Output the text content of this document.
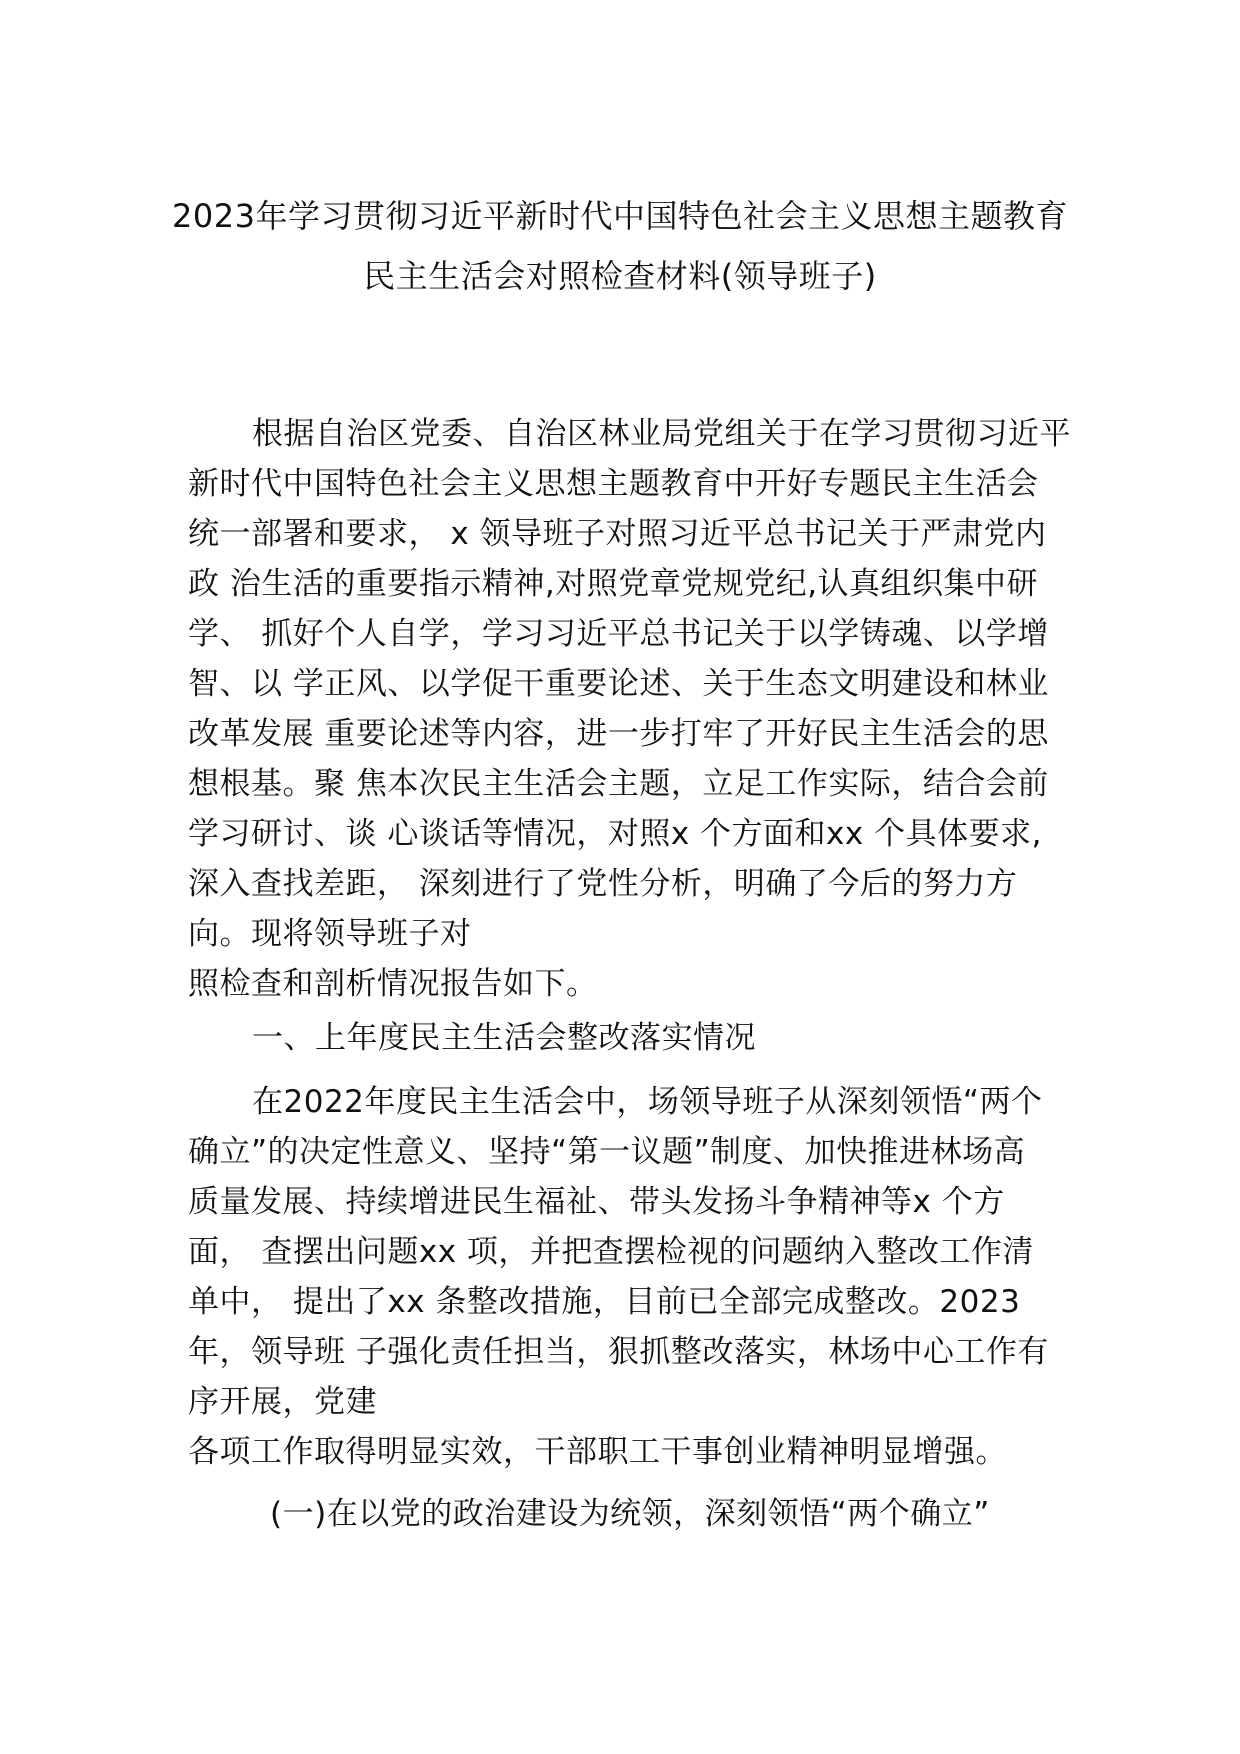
2023年学习贯彻习近平新时代中国特色社会主义思想主题教育
民主生活会对照检查材料(领导班子)
根据自治区党委、自治区林业局党组关于在学习贯彻习近平
新时代中国特色社会主义思想主题教育中开好专题民主生活会
统一部署和要求， x 领导班子对照习近平总书记关于严肃党内
政 治生活的重要指示精神,对照党章党规党纪,认真组织集中研
学、 抓好个人自学，学习习近平总书记关于以学铸魂、以学增
智、以 学正风、以学促干重要论述、关于生态文明建设和林业
改革发展 重要论述等内容，进一步打牢了开好民主生活会的思
想根基。聚 焦本次民主生活会主题，立足工作实际，结合会前
学习研讨、谈 心谈话等情况，对照x 个方面和xx 个具体要求,
深入查找差距， 深刻进行了党性分析，明确了今后的努力方
向。现将领导班子对
照检查和剖析情况报告如下。
一、上年度民主生活会整改落实情况
在2022年度民主生活会中，场领导班子从深刻领悟“两个
确立”的决定性意义、坚持“第一议题”制度、加快推进林场高
质量发展、持续增进民生福祉、带头发扬斗争精神等x 个方
面， 查摆出问题xx 项，并把查摆检视的问题纳入整改工作清
单中， 提出了xx 条整改措施，目前已全部完成整改。2023
年，领导班 子强化责任担当，狠抓整改落实，林场中心工作有
序开展，党建
各项工作取得明显实效，干部职工干事创业精神明显增强。
(一)在以党的政治建设为统领，深刻领悟“两个确立”
